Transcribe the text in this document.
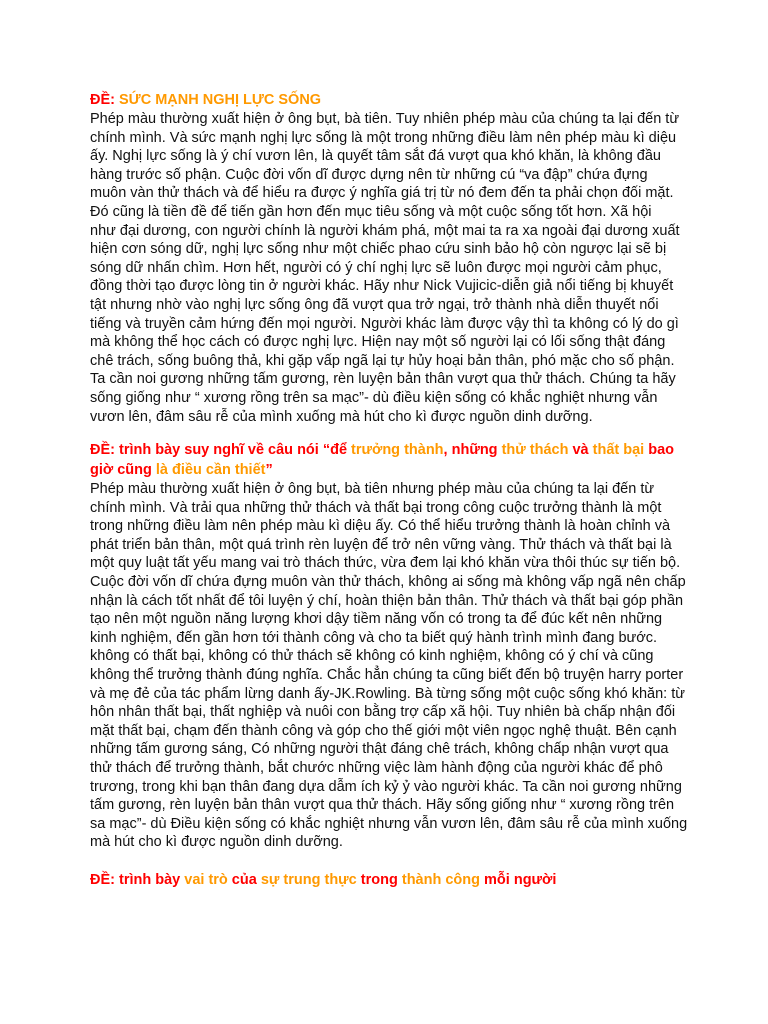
ĐỀ: SỨC MẠNH NGHỊ LỰC SỐNG

Phép màu thường xuất hiện ở ông bụt, bà tiên. Tuy nhiên phép màu của chúng ta lại đến từ chính mình. Và sức mạnh nghị lực sống là một trong những điều làm nên phép màu kì diệu ấy. Nghị lực sống là ý chí vươn lên, là quyết tâm sắt đá vượt qua khó khăn, là không đầu hàng trước số phận. Cuộc đời vốn dĩ được dựng nên từ những cú “va đập” chứa đựng muôn vàn thử thách và để hiểu ra được ý nghĩa giá trị từ nó đem đến ta phải chọn đối mặt. Đó cũng là tiền đề để tiến gần hơn đến mục tiêu sống và một cuộc sống tốt hơn. Xã hội như đại dương, con người chính là người khám phá, một mai ta ra xa ngoài đại dương xuất hiện cơn sóng dữ, nghị lực sống như một chiếc phao cứu sinh bảo hộ còn ngược lại sẽ bị sóng dữ nhấn chìm. Hơn hết, người có ý chí nghị lực sẽ luôn được mọi người cảm phục, đồng thời tạo được lòng tin ở người khác. Hãy như Nick Vujicic-diễn giả nổi tiếng bị khuyết tật nhưng nhờ vào nghị lực sống ông đã vượt qua trở ngại, trở thành nhà diễn thuyết nổi tiếng và truyền cảm hứng đến mọi người. Người khác làm được vậy thì ta không có lý do gì mà không thể học cách có được nghị lực. Hiện nay một số người lại có lối sống thật đáng chê trách, sống buông thả, khi gặp vấp ngã lại tự hủy hoại bản thân, phó mặc cho số phận. Ta cần noi gương những tấm gương, rèn luyện bản thân vượt qua thử thách. Chúng ta hãy sống giống như “ xương rồng trên sa mạc”- dù điều kiện sống có khắc nghiệt nhưng vẫn vươn lên, đâm sâu rễ của mình xuống mà hút cho kì được nguồn dinh dưỡng.

ĐỀ: trình bày suy nghĩ về câu nói “để trưởng thành, những thử thách và thất bại bao giờ cũng là điều cần thiết”

Phép màu thường xuất hiện ở ông bụt, bà tiên nhưng phép màu của chúng ta lại đến từ chính mình. Và trải qua những thử thách và thất bại trong công cuộc trưởng thành là một trong những điều làm nên phép màu kì diệu ấy. Có thể hiểu trưởng thành là hoàn chỉnh và phát triển bản thân, một quá trình rèn luyện để trở nên vững vàng. Thử thách và thất bại là một quy luật tất yếu mang vai trò thách thức, vừa đem lại khó khăn vừa thôi thúc sự tiến bộ. Cuộc đời vốn dĩ chứa đựng muôn vàn thử thách, không ai sống mà không vấp ngã nên chấp nhận là cách tốt nhất để tôi luyện ý chí, hoàn thiện bản thân. Thử thách và thất bại góp phần tạo nên một nguồn năng lượng khơi dậy tiềm năng vốn có trong ta để đúc kết nên những kinh nghiệm, đến gần hơn tới thành công và cho ta biết quý hành trình mình đang bước. không có thất bại, không có thử thách sẽ không có kinh nghiệm, không có ý chí và cũng không thể trưởng thành đúng nghĩa. Chắc hẳn chúng ta cũng biết đến bộ truyện harry porter và mẹ đẻ của tác phẩm lừng danh ấy-JK.Rowling. Bà từng sống một cuộc sống khó khăn: từ hôn nhân thất bại, thất nghiệp và nuôi con bằng trợ cấp xã hội. Tuy nhiên bà chấp nhận đối mặt thất bại, chạm đến thành công và góp cho thế giới một viên ngọc nghệ thuật. Bên cạnh những tấm gương sáng, Có những người thật đáng chê trách, không chấp nhận vượt qua thử thách để trưởng thành, bắt chước những việc làm hành động của người khác để phô trương, trong khi bạn thân đang dựa dẫm ích kỷ ỷ vào người khác. Ta cần noi gương những tấm gương, rèn luyện bản thân vượt qua thử thách. Hãy sống giống như “ xương rồng trên sa mạc”- dù Điều kiện sống có khắc nghiệt nhưng vẫn vươn lên, đâm sâu rễ của mình xuống mà hút cho kì được nguồn dinh dưỡng.

ĐỀ: trình bày vai trò của sự trung thực trong thành công mỗi người
